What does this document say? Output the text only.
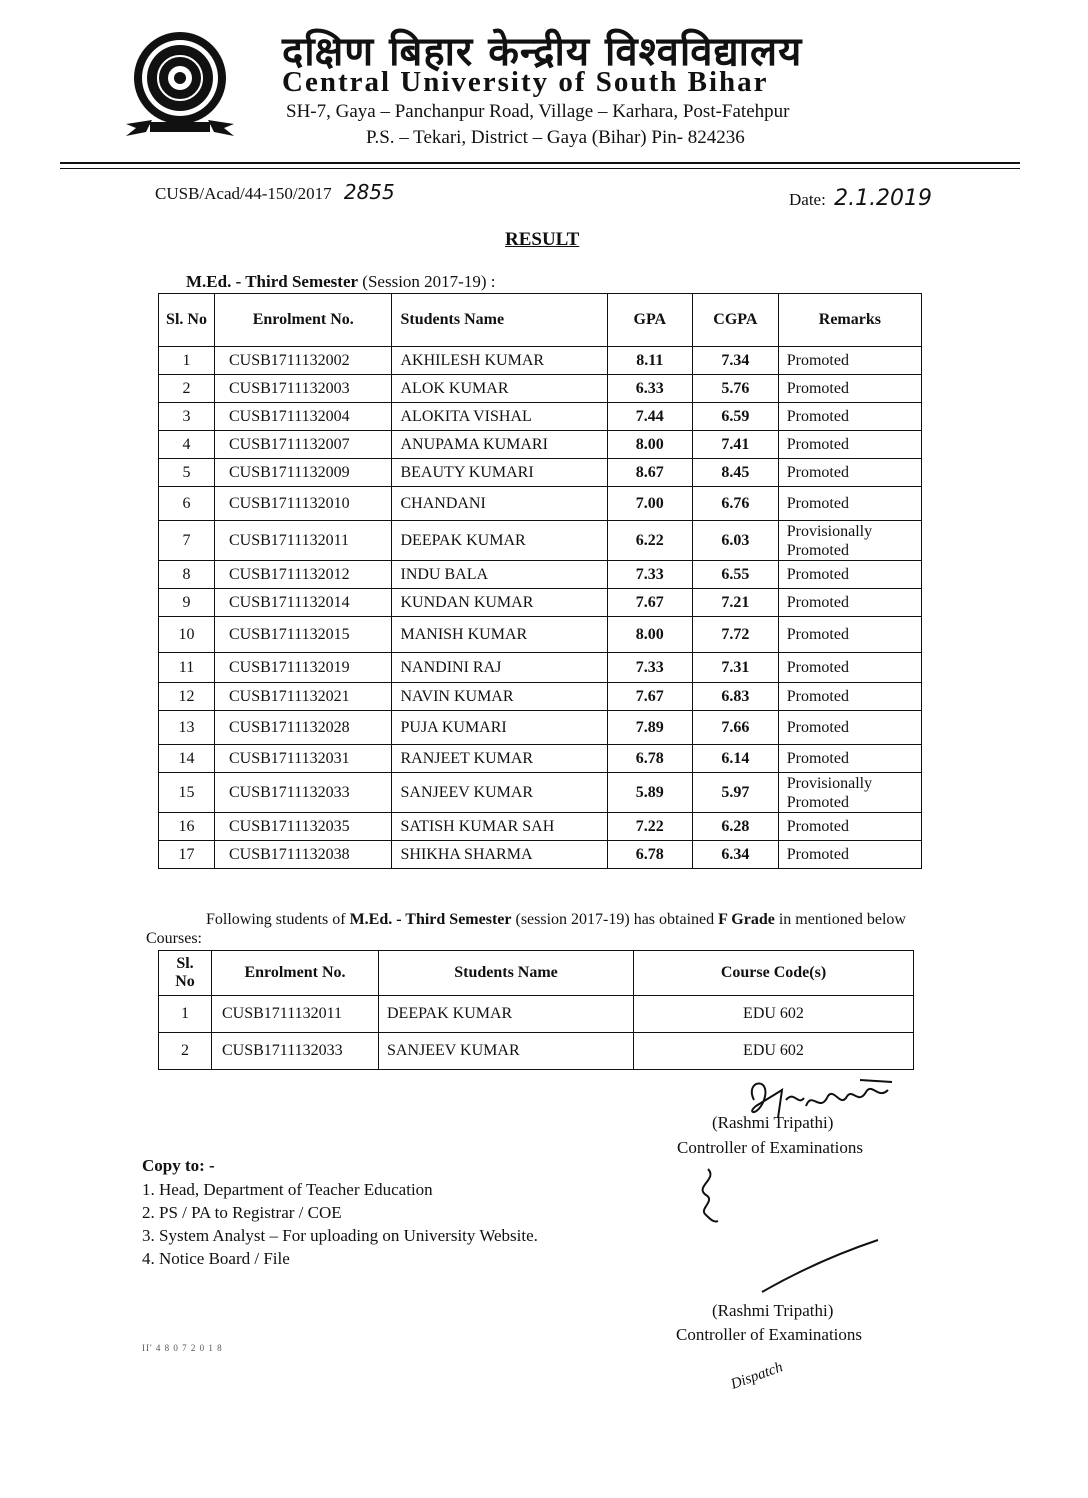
दक्षिण बिहार केन्द्रीय विश्वविद्यालय
Central University of South Bihar
SH-7, Gaya – Panchanpur Road, Village – Karhara, Post-Fatehpur
P.S. – Tekari, District – Gaya (Bihar) Pin- 824236
CUSB/Acad/44-150/2017 2855	Date: 2.1.2019
RESULT
M.Ed. - Third Semester (Session 2017-19) :
Sl. No	Enrolment No.	Students Name	GPA	CGPA	Remarks
1	CUSB1711132002	AKHILESH KUMAR	8.11	7.34	Promoted
2	CUSB1711132003	ALOK KUMAR	6.33	5.76	Promoted
3	CUSB1711132004	ALOKITA VISHAL	7.44	6.59	Promoted
4	CUSB1711132007	ANUPAMA KUMARI	8.00	7.41	Promoted
5	CUSB1711132009	BEAUTY KUMARI	8.67	8.45	Promoted
6	CUSB1711132010	CHANDANI	7.00	6.76	Promoted
7	CUSB1711132011	DEEPAK KUMAR	6.22	6.03	Provisionally Promoted
8	CUSB1711132012	INDU BALA	7.33	6.55	Promoted
9	CUSB1711132014	KUNDAN KUMAR	7.67	7.21	Promoted
10	CUSB1711132015	MANISH KUMAR	8.00	7.72	Promoted
11	CUSB1711132019	NANDINI RAJ	7.33	7.31	Promoted
12	CUSB1711132021	NAVIN KUMAR	7.67	6.83	Promoted
13	CUSB1711132028	PUJA KUMARI	7.89	7.66	Promoted
14	CUSB1711132031	RANJEET KUMAR	6.78	6.14	Promoted
15	CUSB1711132033	SANJEEV KUMAR	5.89	5.97	Provisionally Promoted
16	CUSB1711132035	SATISH KUMAR SAH	7.22	6.28	Promoted
17	CUSB1711132038	SHIKHA SHARMA	6.78	6.34	Promoted
Following students of M.Ed. - Third Semester (session 2017-19) has obtained F Grade in mentioned below Courses:
Sl. No	Enrolment No.	Students Name	Course Code(s)
1	CUSB1711132011	DEEPAK KUMAR	EDU 602
2	CUSB1711132033	SANJEEV KUMAR	EDU 602
(Rashmi Tripathi)
Controller of Examinations
Copy to: -
1. Head, Department of Teacher Education
2. PS / PA to Registrar / COE
3. System Analyst – For uploading on University Website.
4. Notice Board / File
(Rashmi Tripathi)
Controller of Examinations
II' 4 8 0 7 2 0 1 8
Dispatch
